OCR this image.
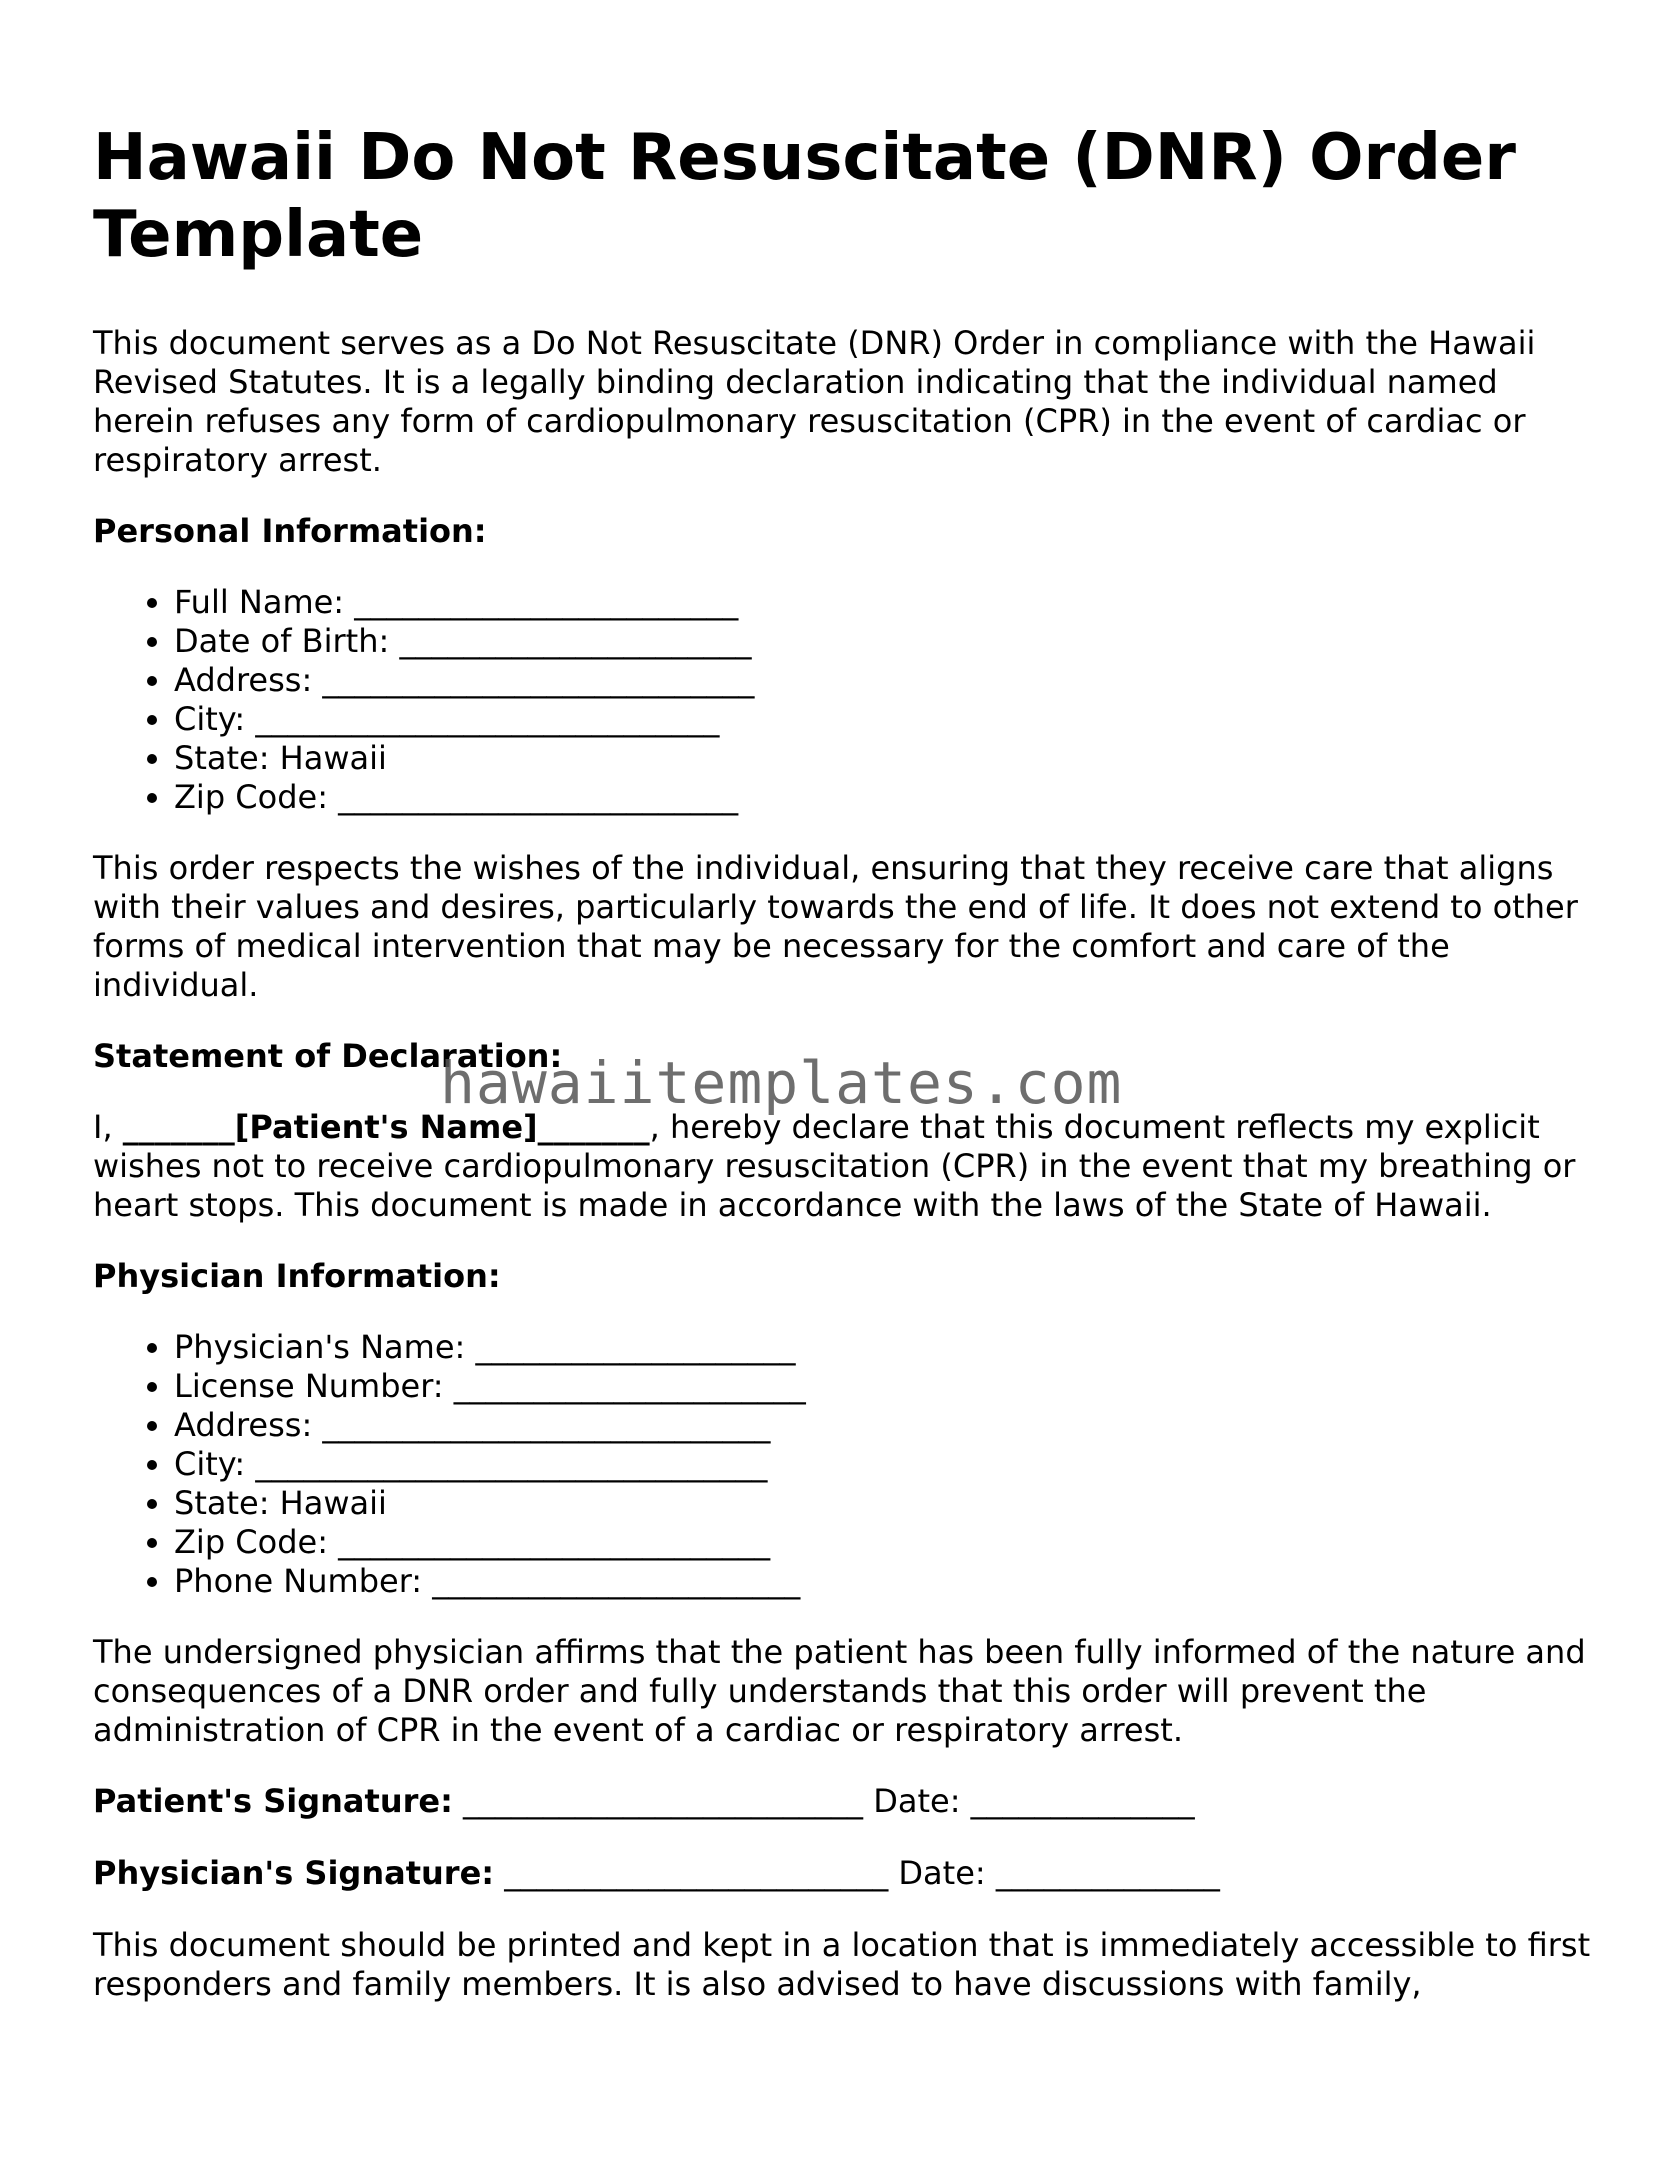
Hawaii Do Not Resuscitate (DNR) Order Template

This document serves as a Do Not Resuscitate (DNR) Order in compliance with the Hawaii Revised Statutes. It is a legally binding declaration indicating that the individual named herein refuses any form of cardiopulmonary resuscitation (CPR) in the event of cardiac or respiratory arrest.

Personal Information:
• Full Name: ________________________
• Date of Birth: ______________________
• Address: ___________________________
• City: _____________________________
• State: Hawaii
• Zip Code: _________________________

This order respects the wishes of the individual, ensuring that they receive care that aligns with their values and desires, particularly towards the end of life. It does not extend to other forms of medical intervention that may be necessary for the comfort and care of the individual.

Statement of Declaration:

I, _______[Patient's Name]_______, hereby declare that this document reflects my explicit wishes not to receive cardiopulmonary resuscitation (CPR) in the event that my breathing or heart stops. This document is made in accordance with the laws of the State of Hawaii.

Physician Information:
• Physician's Name: ____________________
• License Number: ______________________
• Address: ____________________________
• City: ________________________________
• State: Hawaii
• Zip Code: ___________________________
• Phone Number: _______________________

The undersigned physician affirms that the patient has been fully informed of the nature and consequences of a DNR order and fully understands that this order will prevent the administration of CPR in the event of a cardiac or respiratory arrest.

Patient's Signature: _________________________ Date: ______________
Physician's Signature: ________________________ Date: ______________

This document should be printed and kept in a location that is immediately accessible to first responders and family members. It is also advised to have discussions with family,

hawaiitemplates.com
